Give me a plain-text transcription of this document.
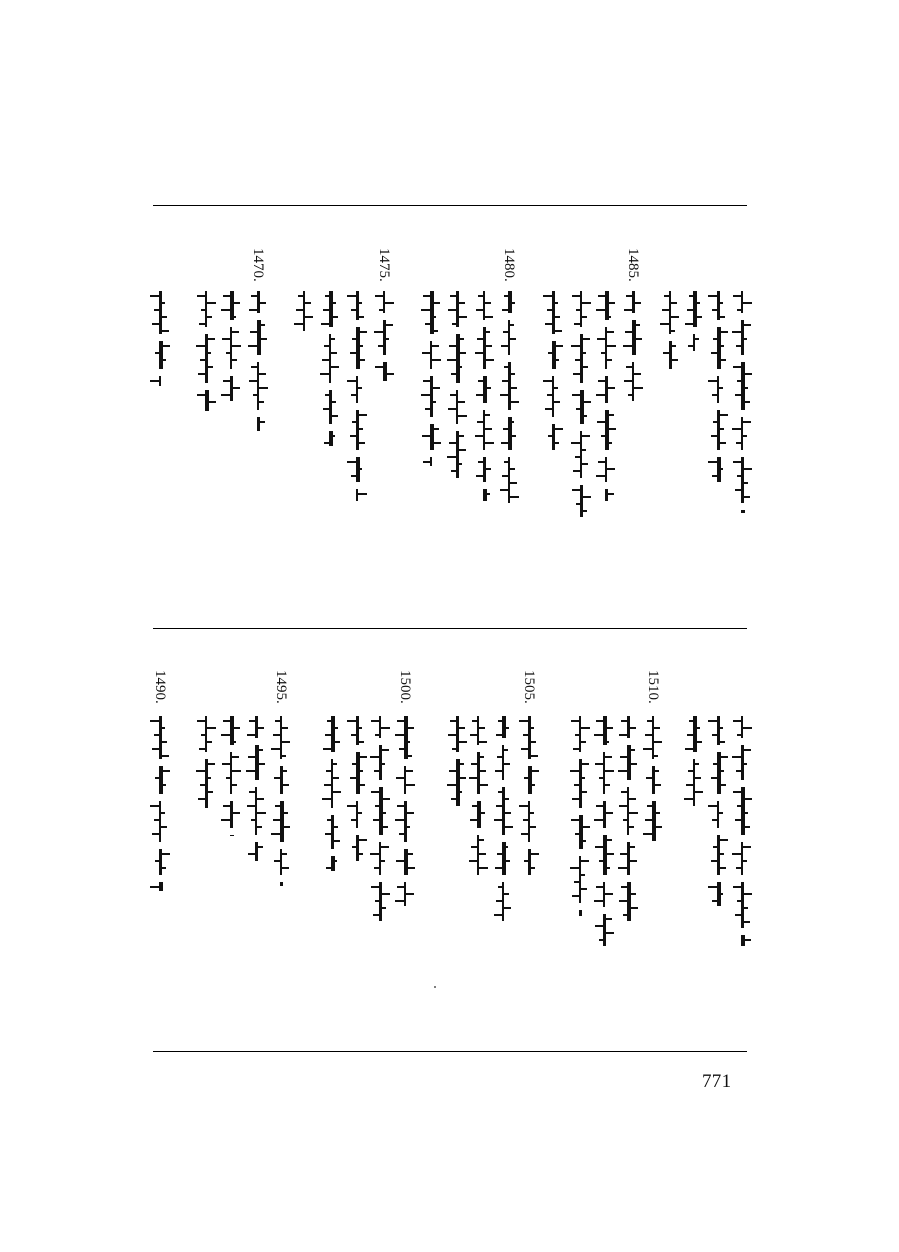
1485.
1480.
1475.
1470.
1510.
1505.
1500.
1495.
1490.
771
